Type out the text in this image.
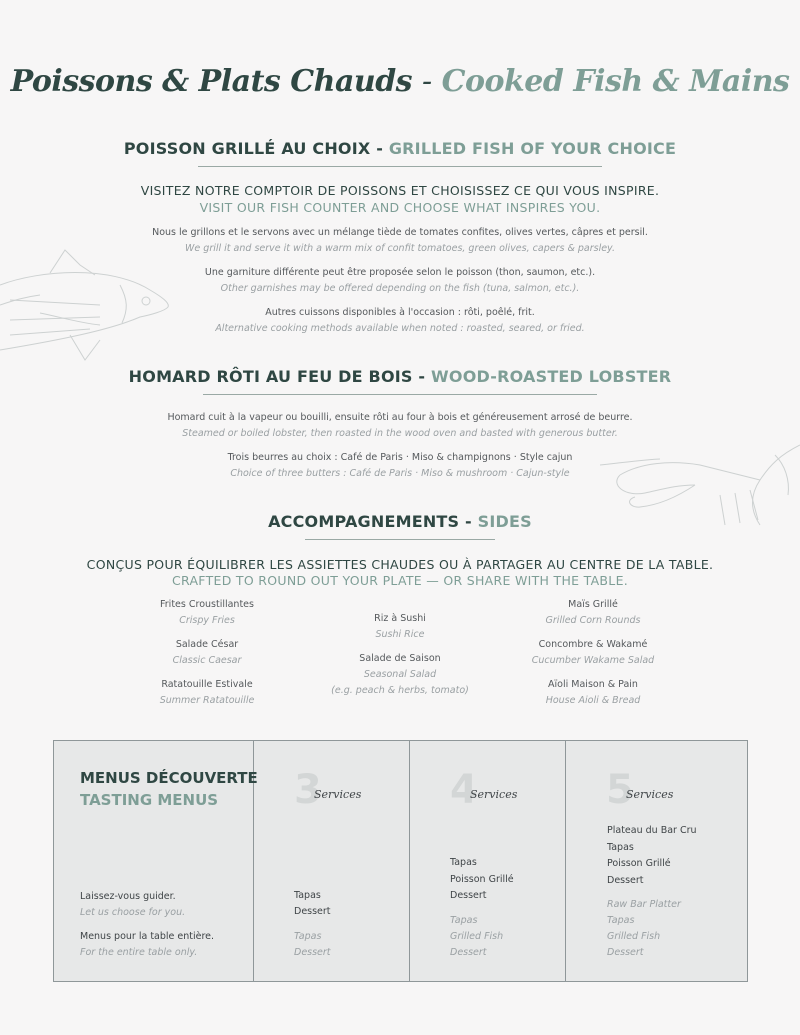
Poissons & Plats Chauds - Cooked Fish & Mains
POISSON GRILLÉ AU CHOIX - GRILLED FISH OF YOUR CHOICE
VISITEZ NOTRE COMPTOIR DE POISSONS ET CHOISISSEZ CE QUI VOUS INSPIRE.
VISIT OUR FISH COUNTER AND CHOOSE WHAT INSPIRES YOU.
Nous le grillons et le servons avec un mélange tiède de tomates confites, olives vertes, câpres et persil.
We grill it and serve it with a warm mix of confit tomatoes, green olives, capers & parsley.
Une garniture différente peut être proposée selon le poisson (thon, saumon, etc.).
Other garnishes may be offered depending on the fish (tuna, salmon, etc.).
Autres cuissons disponibles à l'occasion : rôti, poêlé, frit.
Alternative cooking methods available when noted : roasted, seared, or fried.
HOMARD RÔTI AU FEU DE BOIS - WOOD-ROASTED LOBSTER
Homard cuit à la vapeur ou bouilli, ensuite rôti au four à bois et généreusement arrosé de beurre.
Steamed or boiled lobster, then roasted in the wood oven and basted with generous butter.
Trois beurres au choix : Café de Paris · Miso & champignons · Style cajun
Choice of three butters : Café de Paris · Miso & mushroom · Cajun-style
ACCOMPAGNEMENTS - SIDES
CONÇUS POUR ÉQUILIBRER LES ASSIETTES CHAUDES OU À PARTAGER AU CENTRE DE LA TABLE.
CRAFTED TO ROUND OUT YOUR PLATE — OR SHARE WITH THE TABLE.
Frites Croustillantes
Crispy Fries
Salade César
Classic Caesar
Ratatouille Estivale
Summer Ratatouille
Riz à Sushi
Sushi Rice
Salade de Saison
Seasonal Salad
(e.g. peach & herbs, tomato)
Maïs Grillé
Grilled Corn Rounds
Concombre & Wakamé
Cucumber Wakame Salad
Aïoli Maison & Pain
House Aioli & Bread
MENUS DÉCOUVERTE
TASTING MENUS
Laissez-vous guider.
Let us choose for you.
Menus pour la table entière.
For the entire table only.
3
Services
Tapas
Dessert
Tapas
Dessert
4
Services
Tapas
Poisson Grillé
Dessert
Tapas
Grilled Fish
Dessert
5
Services
Plateau du Bar Cru
Tapas
Poisson Grillé
Dessert
Raw Bar Platter
Tapas
Grilled Fish
Dessert
